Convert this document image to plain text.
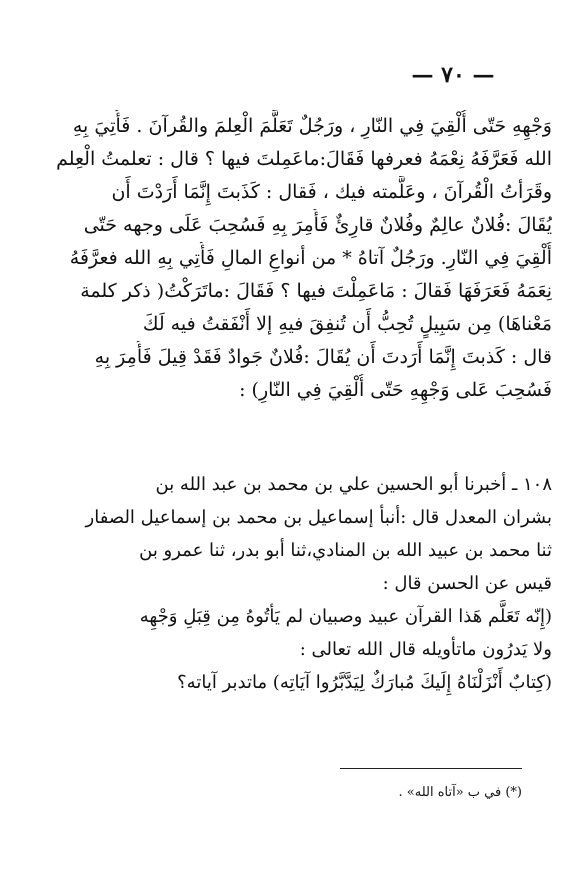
— ٧٠ —
وَجْهِهِ حَتّى أُلْقِيَ فِي النّارِ ، ورَجُلٌ تَعَلَّمَ الْعِلمَ والقُرآنَ . فَأُتِيَ بِهِ
الله فَعَرَّفَهُ نِعْمَهُ فعرفها فَقَالَ:ماعَمِلتَ فيها ؟ قال : تعلمتُ الْعِلم
وقَرَأتُ الْقُرآنَ ، وعَلَّمته فيك ، فَقال : كَذَبتَ إِنَّمَا أَرَدْتَ أَن
يُقَالَ :فُلانٌ عالِمٌ وفُلانٌ قارِئٌ فَأُمِرَ بِهِ فَسُحِبَ عَلَى وجهه حَتّى
أُلْقِيَ فِي النّارِ. ورَجُلٌ آتاهُ * من أنواعِ المالِ فَأُتِي بِهِ الله فعرَّفَهُ
نِعَمَهُ فَعَرَفَهَا فَقالَ : مَاعَمِلْتَ فيها ؟ فَقَالَ :ماتَرَكْتُ( ذكر كلمة
مَعْناهَا) مِن سَبِيلٍ تُحِبُّ أَن تُنفِقَ فيهِ إلا أَنْفَقتُ فيه لَكَ
قال : كَذبتَ إِنَّمَا أَرَدتَ أَن يُقَالَ :فُلانٌ جَوادٌ فَقَدْ قِيلَ فَأُمِرَ بِهِ
فَسُحِبَ عَلى وَجْهِهِ حَتّى أُلْقِيَ فِي النّارِ) :
١٠٨ ـ أخبرنا أبو الحسين علي بن محمد بن عبد الله بن
بشران المعدل قال :أنبأ إسماعيل بن محمد بن إسماعيل الصفار
ثنا محمد بن عبيد الله بن المنادي،ثنا أبو بدر، ثنا عمرو بن
قيس عن الحسن قال :
(إِنّه تَعَلَّم هَذا القرآن عبيد وصبيان لم يَأتُوهُ مِن قِبَلِ وَجْهِه
ولا يَدرُون ماتأويله قال الله تعالى :
(كِتابٌ أَنْزَلْنَاهُ إِلَيكَ مُبارَكٌ لِيَدَّبَّرُوا آيَاتِه) ماتدبر آياته؟
(*) في ب «آتاه الله» .
